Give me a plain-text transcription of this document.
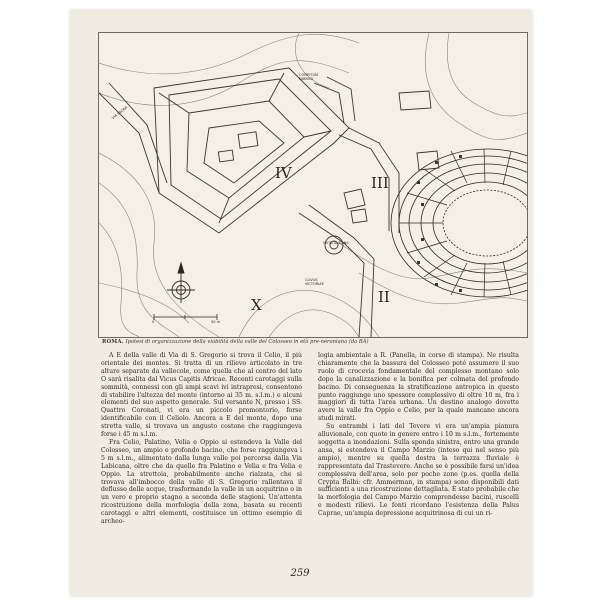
IV
III
II
X
COMPITUM FABRICII
META SUDANS
CLIVUS VICTORIAE
VIA SACRA
0	50 m
ROMA. Ipotesi di organizzazione della viabilità della valle del Colosseo in età pre-neroniana (da BA)

A E della valle di Via di S. Gregorio si trova il Celio, il più orientale dei montes. Si tratta di un rilievo articolato in tre alture separate da vallecole, come quella che al centro del lato O sarà risalita dal Vicus Capitis Africae. Recenti carotaggi sulla sommità, connessi con gli ampi scavi ivi intrapresi, consentono di stabilire l'altezza del monte (intorno ai 35 m. s.l.m.) e alcuni elementi del suo aspetto generale. Sul versante N, presso i SS. Quattro Coronati, vi era un piccolo promontorio, forse identificabile con il Celiolo. Ancora a E del monte, dopo una stretta valle, si trovava un angusto costone che raggiungeva forse i 45 m s.l.m.

Fra Celio, Palatino, Velia e Oppio si estendeva la Valle del Colosseo, un ampio e profondo bacino, che forse raggiungeva i 5 m s.l.m., alimentato dalla lunga valle poi percorsa dalla Via Labicana, oltre che da quelle fra Palatino e Velia e fra Velia e Oppio. La strettoia, probabilmente anche rialzata, che si trovava all'imbocco della valle di S. Gregorio rallentava il deflusso delle acque, trasformando la valle in un acquitrino o in un vero e proprio stagno a seconda delle stagioni. Un'attenta ricostruzione della morfologia della zona, basata su recenti carotaggi e altri elementi, costituisce un ottimo esempio di archeo-

logia ambientale a R. (Panella, in corso di stampa). Ne risulta chiaramente che la bassura del Colosseo poté assumere il suo ruolo di crocevia fondamentale del complesso montano solo dopo la canalizzazione e la bonifica per colmata del profondo bacino. Di conseguenza la stratificazione antropica in questo punto raggiunge uno spessore complessivo di oltre 10 m, fra i maggiori di tutta l'area urbana. Un destino analogo dovette avere la valle fra Oppio e Celio, per la quale mancano ancora studi mirati.

Su entrambi i lati del Tevere vi era un'ampia pianura alluvionale, con quote in genere entro i 10 m s.l.m., fortemente soggetta a inondazioni. Sulla sponda sinistra, entro una grande ansa, si estendeva il Campo Marzio (inteso qui nel senso più ampio), mentre su quella destra la terrazza fluviale è rappresentata dal Trastevere. Anche se è possibile farsi un'idea complessiva dell'area, solo per poche zone (p.es. quella della Crypta Balbi: cfr. Ammerman, in stampa) sono disponibili dati sufficienti a una ricostruzione dettagliata. È stato probabile che la morfologia del Campo Marzio comprendesse bacini, ruscelli e modesti rilievi. Le fonti ricordano l'esistenza della Palus Caprae, un'ampia depressione acquitrinosa di cui un ri-

259
